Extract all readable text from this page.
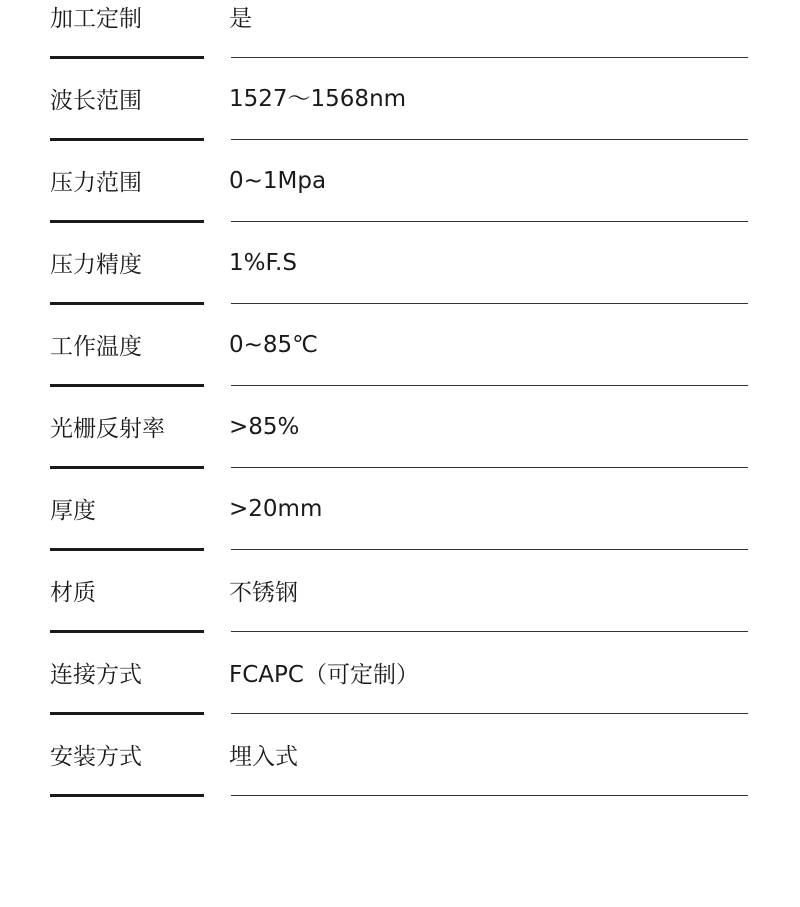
加工定制	是
波长范围	1527～1568nm
压力范围	0~1Mpa
压力精度	1%F.S
工作温度	0~85℃
光栅反射率	>85%
厚度	>20mm
材质	不锈钢
连接方式	FCAPC（可定制）
安装方式	埋入式
